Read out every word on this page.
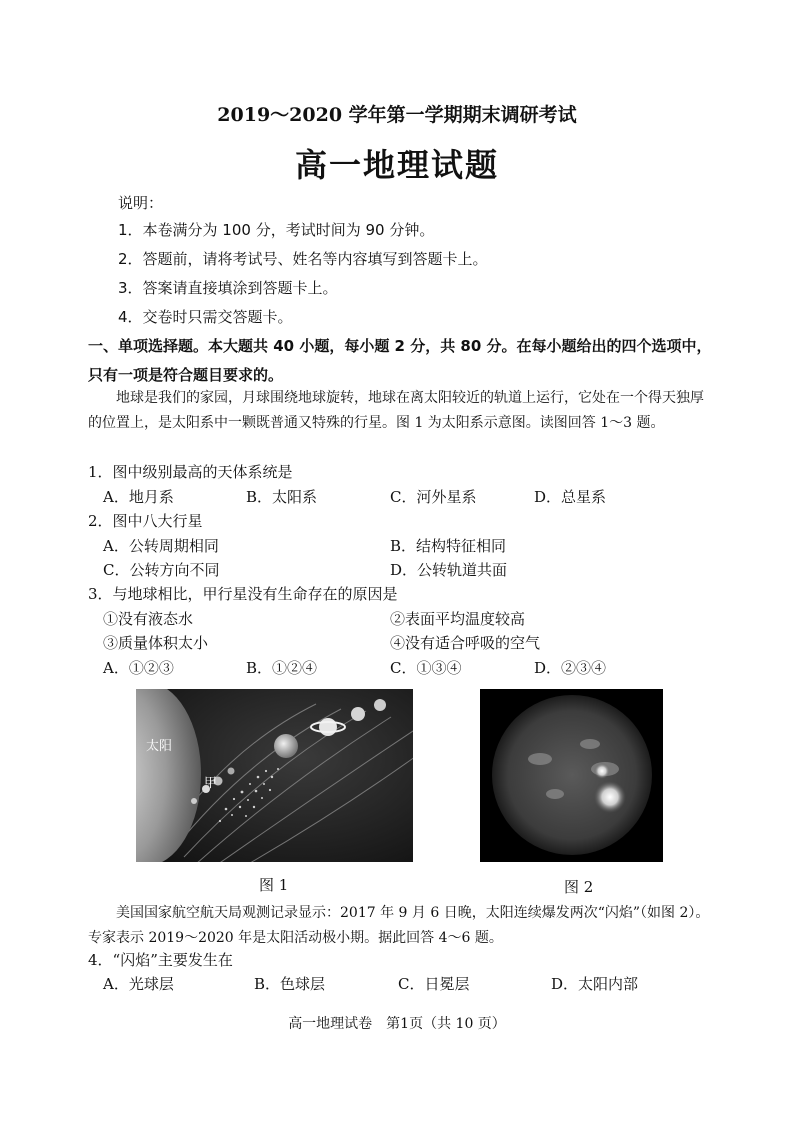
2019～2020 学年第一学期期末调研考试
高一地理试题
说明：
1．本卷满分为 100 分，考试时间为 90 分钟。
2．答题前，请将考试号、姓名等内容填写到答题卡上。
3．答案请直接填涂到答题卡上。
4．交卷时只需交答题卡。
一、单项选择题。本大题共 40 小题，每小题 2 分，共 80 分。在每小题给出的四个选项中，
只有一项是符合题目要求的。
地球是我们的家园，月球围绕地球旋转，地球在离太阳较近的轨道上运行，它处在一个得天独厚的位置上，是太阳系中一颗既普通又特殊的行星。图 1 为太阳系示意图。读图回答 1～3 题。
1．图中级别最高的天体系统是
A．地月系	B．太阳系	C．河外星系	D．总星系
2．图中八大行星
A．公转周期相同	B．结构特征相同
C．公转方向不同	D．公转轨道共面
3．与地球相比，甲行星没有生命存在的原因是
①没有液态水	②表面平均温度较高
③质量体积太小	④没有适合呼吸的空气
A．①②③	B．①②④	C．①③④	D．②③④
太阳
甲
图 1	图 2
美国国家航空航天局观测记录显示：2017 年 9 月 6 日晚，太阳连续爆发两次“闪焰”（如图 2）。专家表示 2019～2020 年是太阳活动极小期。据此回答 4～6 题。
4．“闪焰”主要发生在
A．光球层	B．色球层	C．日冕层	D．太阳内部
高一地理试卷　第1页（共 10 页）
